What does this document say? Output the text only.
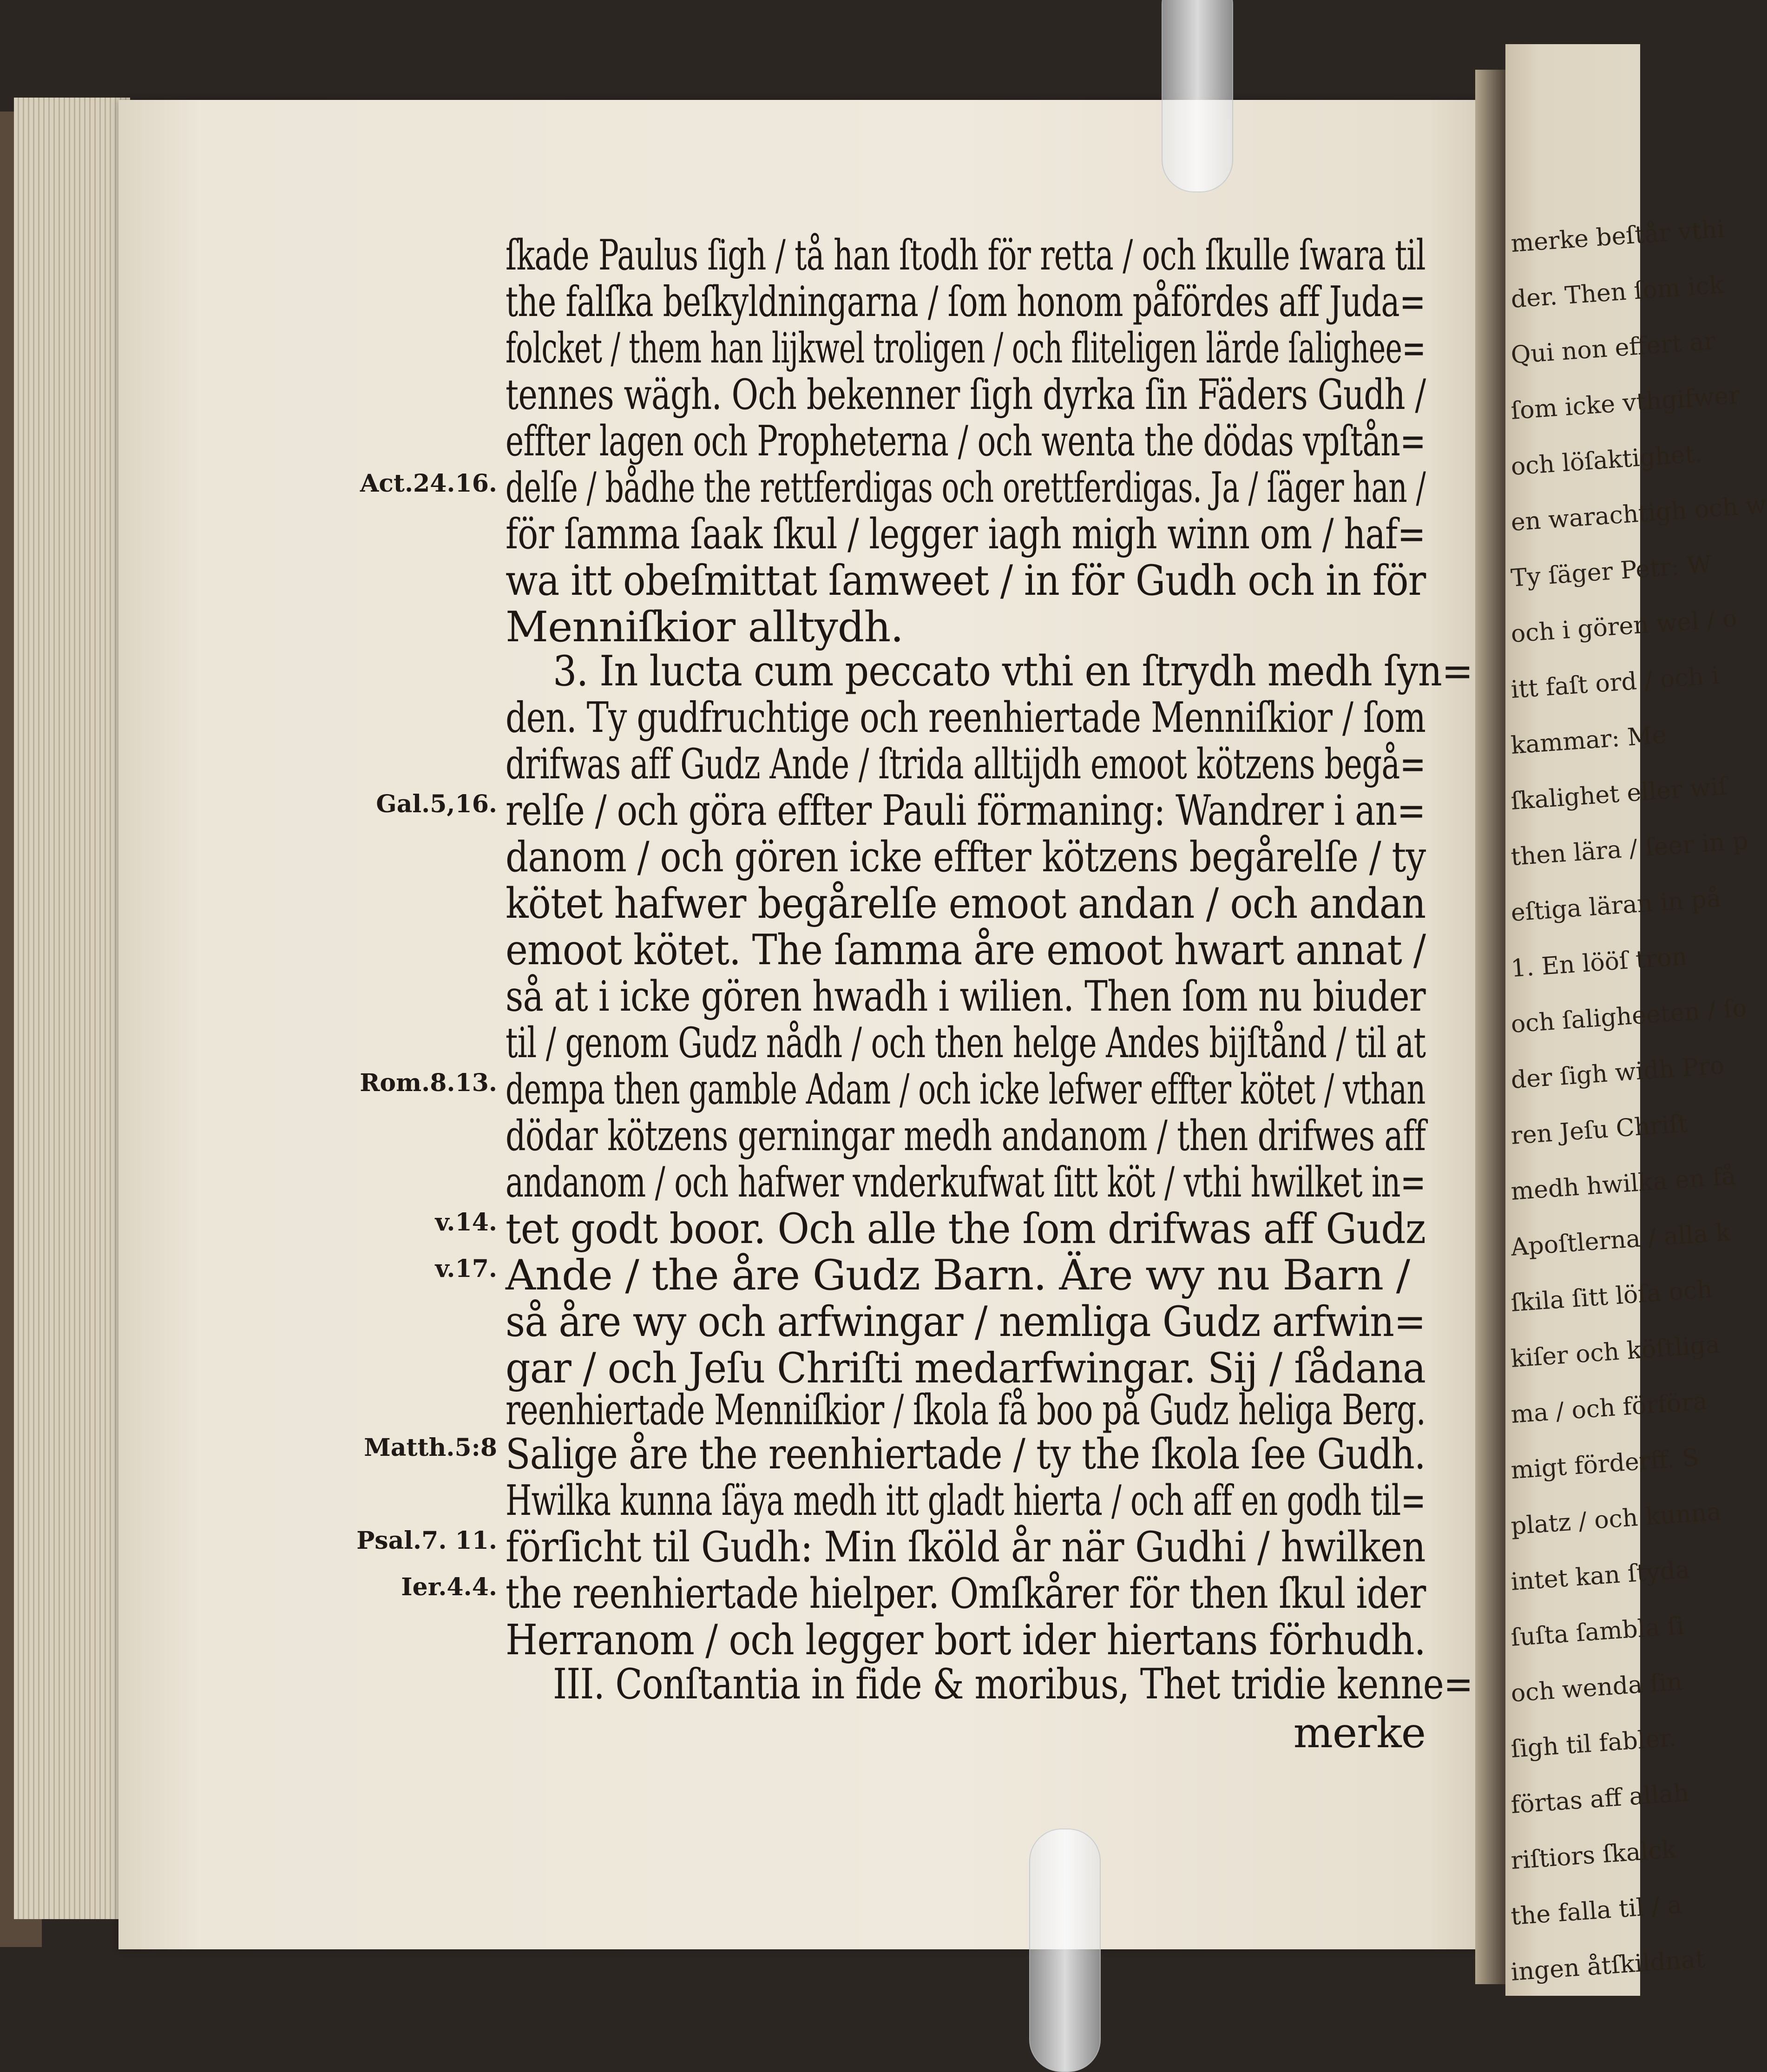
merke beſtår vthi
der. Then ſom ick
Qui non effert ar
ſom icke vthgifwer
och löſaktighet.
en warachtigh och w
Ty ſäger Petr: W
och i gören wel / o
itt faſt ord / och i
kammar: Me
ſkalighet eller wiſ
then lära / ſeer in p
eſtiga läran in på
1. En lööſ tron
och ſaligheeten / ſo
der ſigh widh Pro
ren Jeſu Chriſt
medh hwilka en få
Apoſtlerna / alla k
ſkila ſitt löſa och
kiſer och köſtliga
ma / och förföra
migt förderff. S
platz / och kunna
intet kan ſtyda
ſuſta ſambla ſi
och wenda ſin
ſigh til fabler.
förtas aff allah
riſtiors ſkalck
the falla til / a
ingen åtſkildnat
Act.24.16.
Gal.5,16.
Rom.8.13.
v.14.
v.17.
Matth.5:8
Psal.7. 11.
Ier.4.4.
ſkade Paulus ſigh / tå han ſtodh för retta / och ſkulle ſwara til
the falſka beſkyldningarna / ſom honom påfördes aff Juda=
folcket / them han lijkwel troligen / och fliteligen lärde ſalighee=
tennes wägh. Och bekenner ſigh dyrka ſin Fäders Gudh /
effter lagen och Propheterna / och wenta the dödas vpſtån=
delſe / bådhe the rettferdigas och orettferdigas. Ja / ſäger han /
för ſamma ſaak ſkul / legger iagh migh winn om / haf=
wa itt obeſmittat ſamweet / in för Gudh och in för
Menniſkior alltydh.
3. In lucta cum peccato vthi en ſtrydh medh ſyn=
den. Ty gudfruchtige och reenhiertade Menniſkior / ſom
drifwas aff Gudz Ande / ſtrida alltijdh emoot kötzens begå=
relſe / och göra effter Pauli förmaning: Wandrer i an=
danom / och gören icke effter kötzens begårelſe / ty
kötet hafwer begårelſe emoot andan / och andan
emoot kötet. The ſamma åre emoot hwart annat /
så at i icke gören hwadh i wilien. Then ſom nu biuder
til / genom Gudz nådh / och then helge Andes bijſtånd / til at
dempa then gamble Adam / och icke lefwer effter kötet / vthan
dödar kötzens gerningar medh andanom / then drifwes aff
andanom / och hafwer vnderkufwat ſitt köt / vthi hwilket in=
tet godt boor. Och alle the ſom drifwas aff Gudz
Ande / the åre Gudz Barn. Äre wy nu Barn /
så åre wy och arfwingar / nemliga Gudz arfwin=
gar / och Jeſu Chriſti medarfwingar. Sij / ſådana
reenhiertade Menniſkior / ſkola få boo på Gudz heliga Berg.
Salige åre the reenhiertade / ty the ſkola ſee Gudh.
Hwilka kunna ſäya medh itt gladt hierta / och aff en godh til=
förſicht til Gudh: Min ſköld år när Gudhi / hwilken
the reenhiertade hielper. Omſkårer för then ſkul ider
Herranom / och legger bort ider hiertans förhudh.
III. Conſtantia in fide & moribus, Thet tridie kenne=
merke
